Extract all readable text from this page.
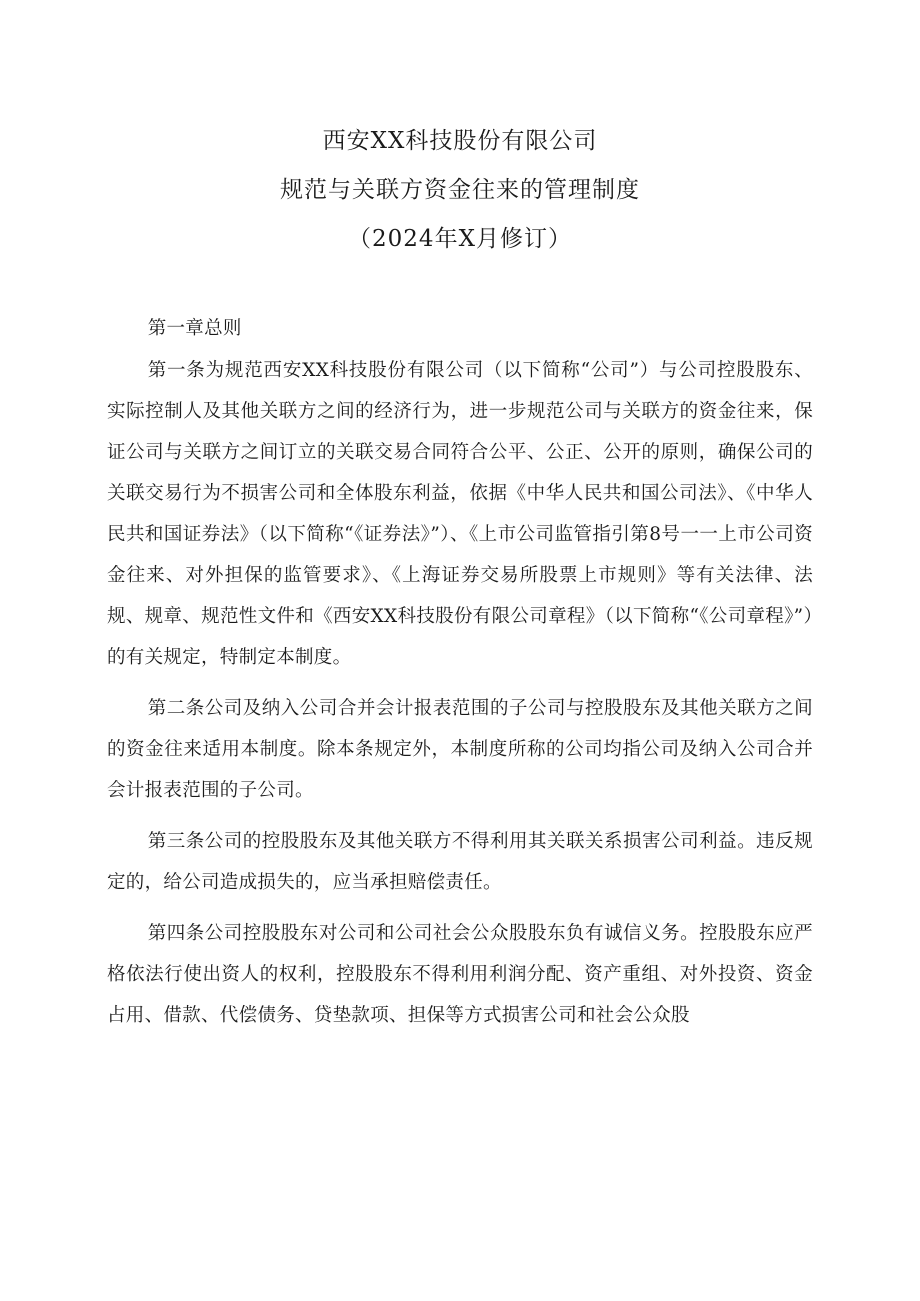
西安XX科技股份有限公司
规范与关联方资金往来的管理制度
（2024年X月修订）
第一章总则

第一条为规范西安XX科技股份有限公司（以下简称“公司”）与公司控股股东、实际控制人及其他关联方之间的经济行为，进一步规范公司与关联方的资金往来，保证公司与关联方之间订立的关联交易合同符合公平、公正、公开的原则，确保公司的关联交易行为不损害公司和全体股东利益，依据《中华人民共和国公司法》、《中华人民共和国证券法》（以下简称“《证券法》”）、《上市公司监管指引第8号一一上市公司资金往来、对外担保的监管要求》、《上海证券交易所股票上市规则》等有关法律、法规、规章、规范性文件和《西安XX科技股份有限公司章程》（以下简称“《公司章程》”）的有关规定，特制定本制度。

第二条公司及纳入公司合并会计报表范围的子公司与控股股东及其他关联方之间的资金往来适用本制度。除本条规定外，本制度所称的公司均指公司及纳入公司合并会计报表范围的子公司。

第三条公司的控股股东及其他关联方不得利用其关联关系损害公司利益。违反规定的，给公司造成损失的，应当承担赔偿责任。

第四条公司控股股东对公司和公司社会公众股股东负有诚信义务。控股股东应严格依法行使出资人的权利，控股股东不得利用利润分配、资产重组、对外投资、资金占用、借款、代偿债务、贷垫款项、担保等方式损害公司和社会公众股
